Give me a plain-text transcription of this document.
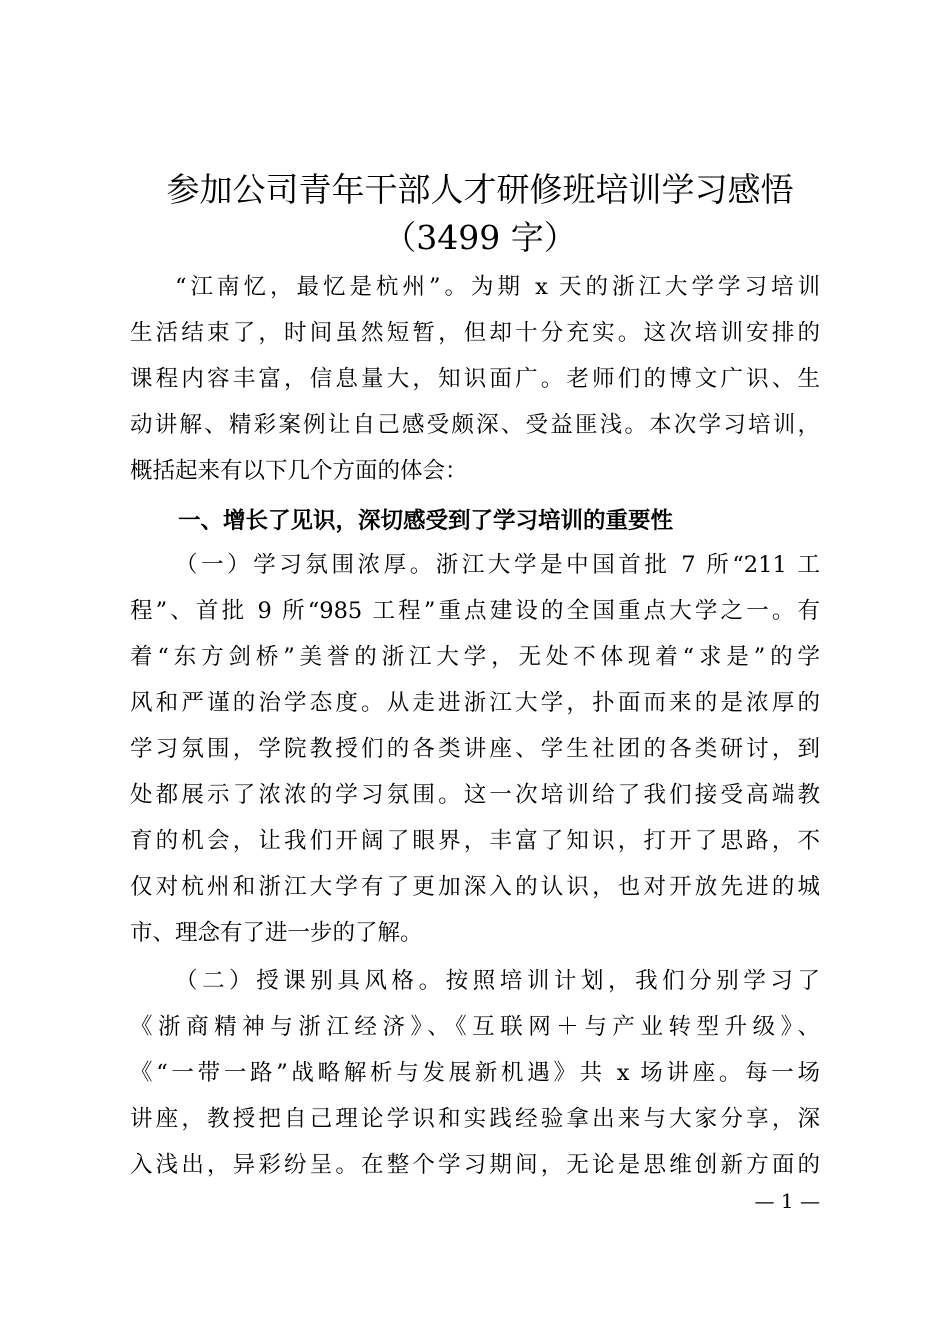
参加公司青年干部人才研修班培训学习感悟
（3499 字）
“江南忆，最忆是杭州”。为期 x 天的浙江大学学习培训
生活结束了，时间虽然短暂，但却十分充实。这次培训安排的
课程内容丰富，信息量大，知识面广。老师们的博文广识、生
动讲解、精彩案例让自己感受颇深、受益匪浅。本次学习培训，
概括起来有以下几个方面的体会：
一、增长了见识，深切感受到了学习培训的重要性
（一）学习氛围浓厚。浙江大学是中国首批 7 所“211 工
程”、首批 9 所“985 工程”重点建设的全国重点大学之一。有
着“东方剑桥”美誉的浙江大学，无处不体现着“求是”的学
风和严谨的治学态度。从走进浙江大学，扑面而来的是浓厚的
学习氛围，学院教授们的各类讲座、学生社团的各类研讨，到
处都展示了浓浓的学习氛围。这一次培训给了我们接受高端教
育的机会，让我们开阔了眼界，丰富了知识，打开了思路，不
仅对杭州和浙江大学有了更加深入的认识，也对开放先进的城
市、理念有了进一步的了解。
（二）授课别具风格。按照培训计划，我们分别学习了
《浙商精神与浙江经济》、《互联网＋与产业转型升级》、
《“一带一路”战略解析与发展新机遇》共 x 场讲座。每一场
讲座，教授把自己理论学识和实践经验拿出来与大家分享，深
入浅出，异彩纷呈。在整个学习期间，无论是思维创新方面的
— 1 —
